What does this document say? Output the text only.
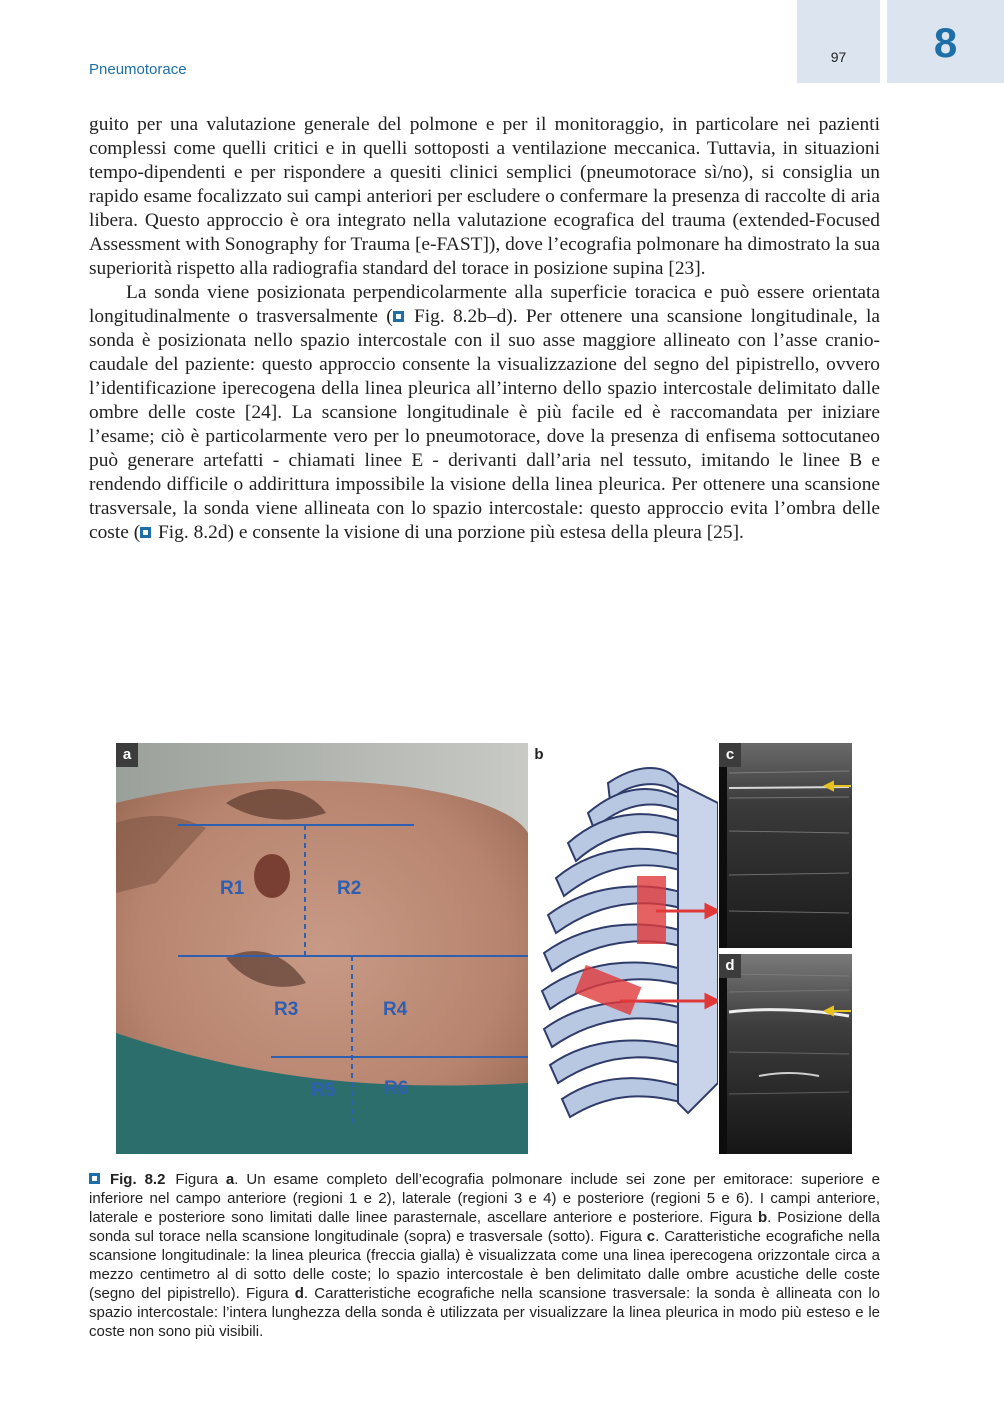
Pneumotorace
97	8

guito per una valutazione generale del polmone e per il monitoraggio, in particolare nei pazienti complessi come quelli critici e in quelli sottoposti a ventilazione meccanica. Tuttavia, in situazioni tempo-dipendenti e per rispondere a quesiti clinici semplici (pneumotorace sì/no), si consiglia un rapido esame focalizzato sui campi anteriori per escludere o confermare la presenza di raccolte di aria libera. Questo approccio è ora integrato nella valutazione ecografica del trauma (extended-Focused Assessment with Sonography for Trauma [e-FAST]), dove l’ecografia polmonare ha dimostrato la sua superiorità rispetto alla radiografia standard del torace in posizione supina [23].

La sonda viene posizionata perpendicolarmente alla superficie toracica e può essere orientata longitudinalmente o trasversalmente ( Fig. 8.2b–d). Per ottenere una scansione longitudinale, la sonda è posizionata nello spazio intercostale con il suo asse maggiore allineato con l’asse cranio-caudale del paziente: questo approccio consente la visualizzazione del segno del pipistrello, ovvero l’identificazione iperecogena della linea pleurica all’interno dello spazio intercostale delimitato dalle ombre delle coste [24]. La scansione longitudinale è più facile ed è raccomandata per iniziare l’esame; ciò è particolarmente vero per lo pneumotorace, dove la presenza di enfisema sottocutaneo può generare artefatti - chiamati linee E - derivanti dall’aria nel tessuto, imitando le linee B e rendendo difficile o addirittura impossibile la visione della linea pleurica. Per ottenere una scansione trasversale, la sonda viene allineata con lo spazio intercostale: questo approccio evita l’ombra delle coste ( Fig. 8.2d) e consente la visione di una porzione più estesa della pleura [25].

R1	R2
R3	R4
R5	R6
a	b	c
d
Fig. 8.2 Figura a. Un esame completo dell’ecografia polmonare include sei zone per emitorace: superiore e inferiore nel campo anteriore (regioni 1 e 2), laterale (regioni 3 e 4) e posteriore (regioni 5 e 6). I campi anteriore, laterale e posteriore sono limitati dalle linee parasternale, ascellare anteriore e posteriore. Figura b. Posizione della sonda sul torace nella scansione longitudinale (sopra) e trasversale (sotto). Figura c. Caratteristiche ecografiche nella scansione longitudinale: la linea pleurica (freccia gialla) è visualizzata come una linea iperecogena orizzontale circa a mezzo centimetro al di sotto delle coste; lo spazio intercostale è ben delimitato dalle ombre acustiche delle coste (segno del pipistrello). Figura d. Caratteristiche ecografiche nella scansione trasversale: la sonda è allineata con lo spazio intercostale: l’intera lunghezza della sonda è utilizzata per visualizzare la linea pleurica in modo più esteso e le coste non sono più visibili.
